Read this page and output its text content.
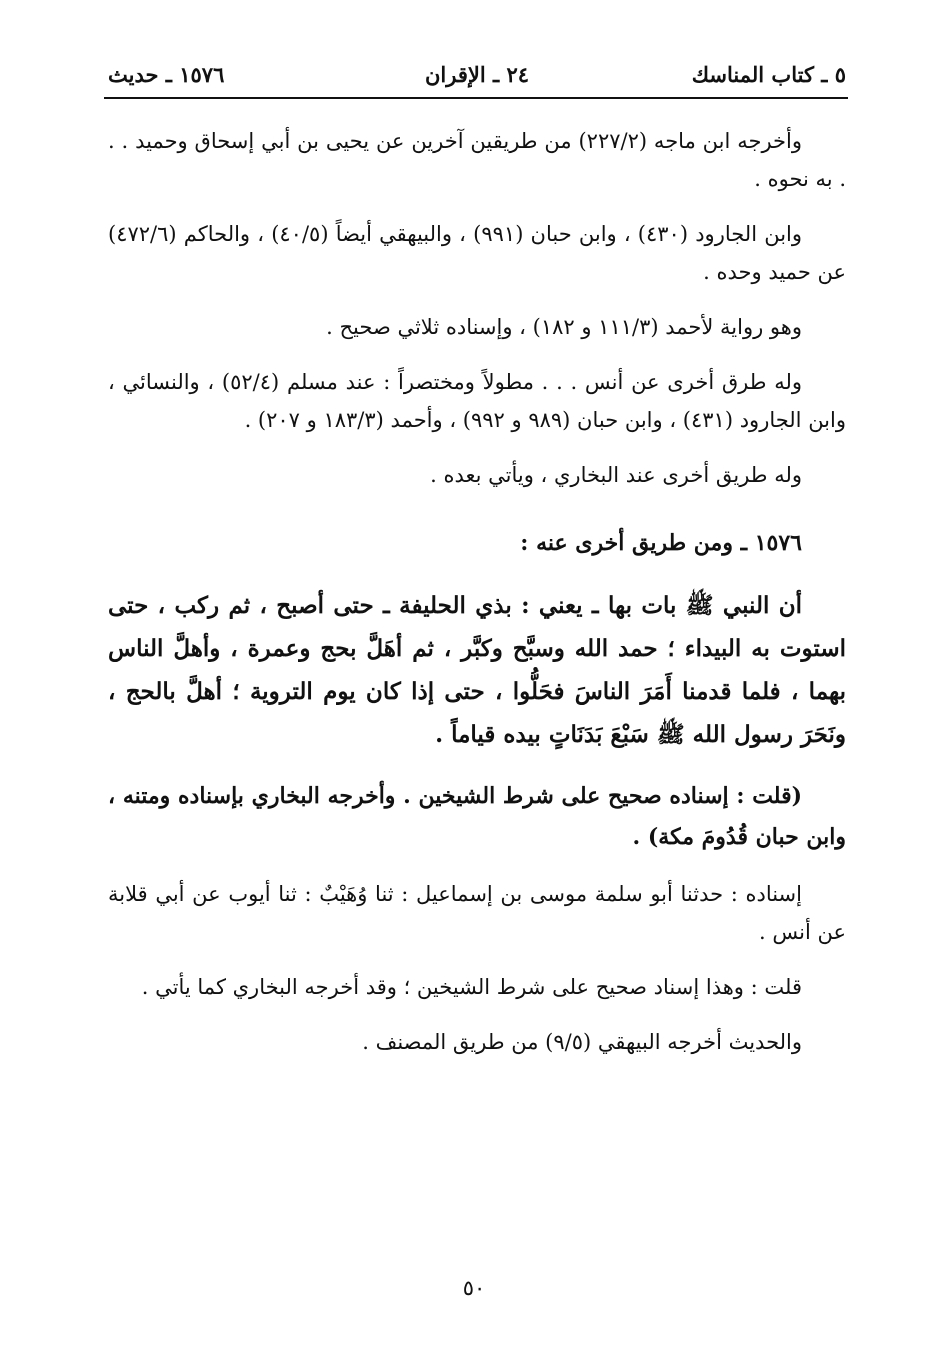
٥ ـ كتاب المناسك
٢٤ ـ الإقران
١٥٧٦ ـ حديث

وأخرجه ابن ماجه (٢٢٧/٢) من طريقين آخرين عن يحيى بن أبي إسحاق وحميد . . . به نحوه .

وابن الجارود (٤٣٠) ، وابن حبان (٩٩١) ، والبيهقي أيضاً (٤٠/٥) ، والحاكم (٤٧٢/٦) عن حميد وحده .

وهو رواية لأحمد (١١١/٣ و ١٨٢) ، وإسناده ثلاثي صحيح .

وله طرق أخرى عن أنس . . . مطولاً ومختصراً : عند مسلم (٥٢/٤) ، والنسائي ، وابن الجارود (٤٣١) ، وابن حبان (٩٨٩ و ٩٩٢) ، وأحمد (١٨٣/٣ و ٢٠٧) .

وله طريق أخرى عند البخاري ، ويأتي بعده .

١٥٧٦ ـ ومن طريق أخرى عنه :

أن النبي ﷺ بات بها ـ يعني : بذي الحليفة ـ حتى أصبح ، ثم ركب ، حتى استوت به البيداء ؛ حمد الله وسبَّح وكبَّر ، ثم أهَلَّ بحج وعمرة ، وأهلَّ الناس بهما ، فلما قدمنا أَمَرَ الناسَ فحَلُّوا ، حتى إذا كان يوم التروية ؛ أهلَّ بالحج ، ونَحَرَ رسول الله ﷺ سَبْعَ بَدَنَاتٍ بيده قياماً .

(قلت : إسناده صحيح على شرط الشيخين . وأخرجه البخاري بإسناده ومتنه ، وابن حبان قُدُومَ مكة) .

إسناده : حدثنا أبو سلمة موسى بن إسماعيل : ثنا وُهَيْبٌ : ثنا أيوب عن أبي قلابة عن أنس .

قلت : وهذا إسناد صحيح على شرط الشيخين ؛ وقد أخرجه البخاري كما يأتي .

والحديث أخرجه البيهقي (٩/٥) من طريق المصنف .

٥٠
